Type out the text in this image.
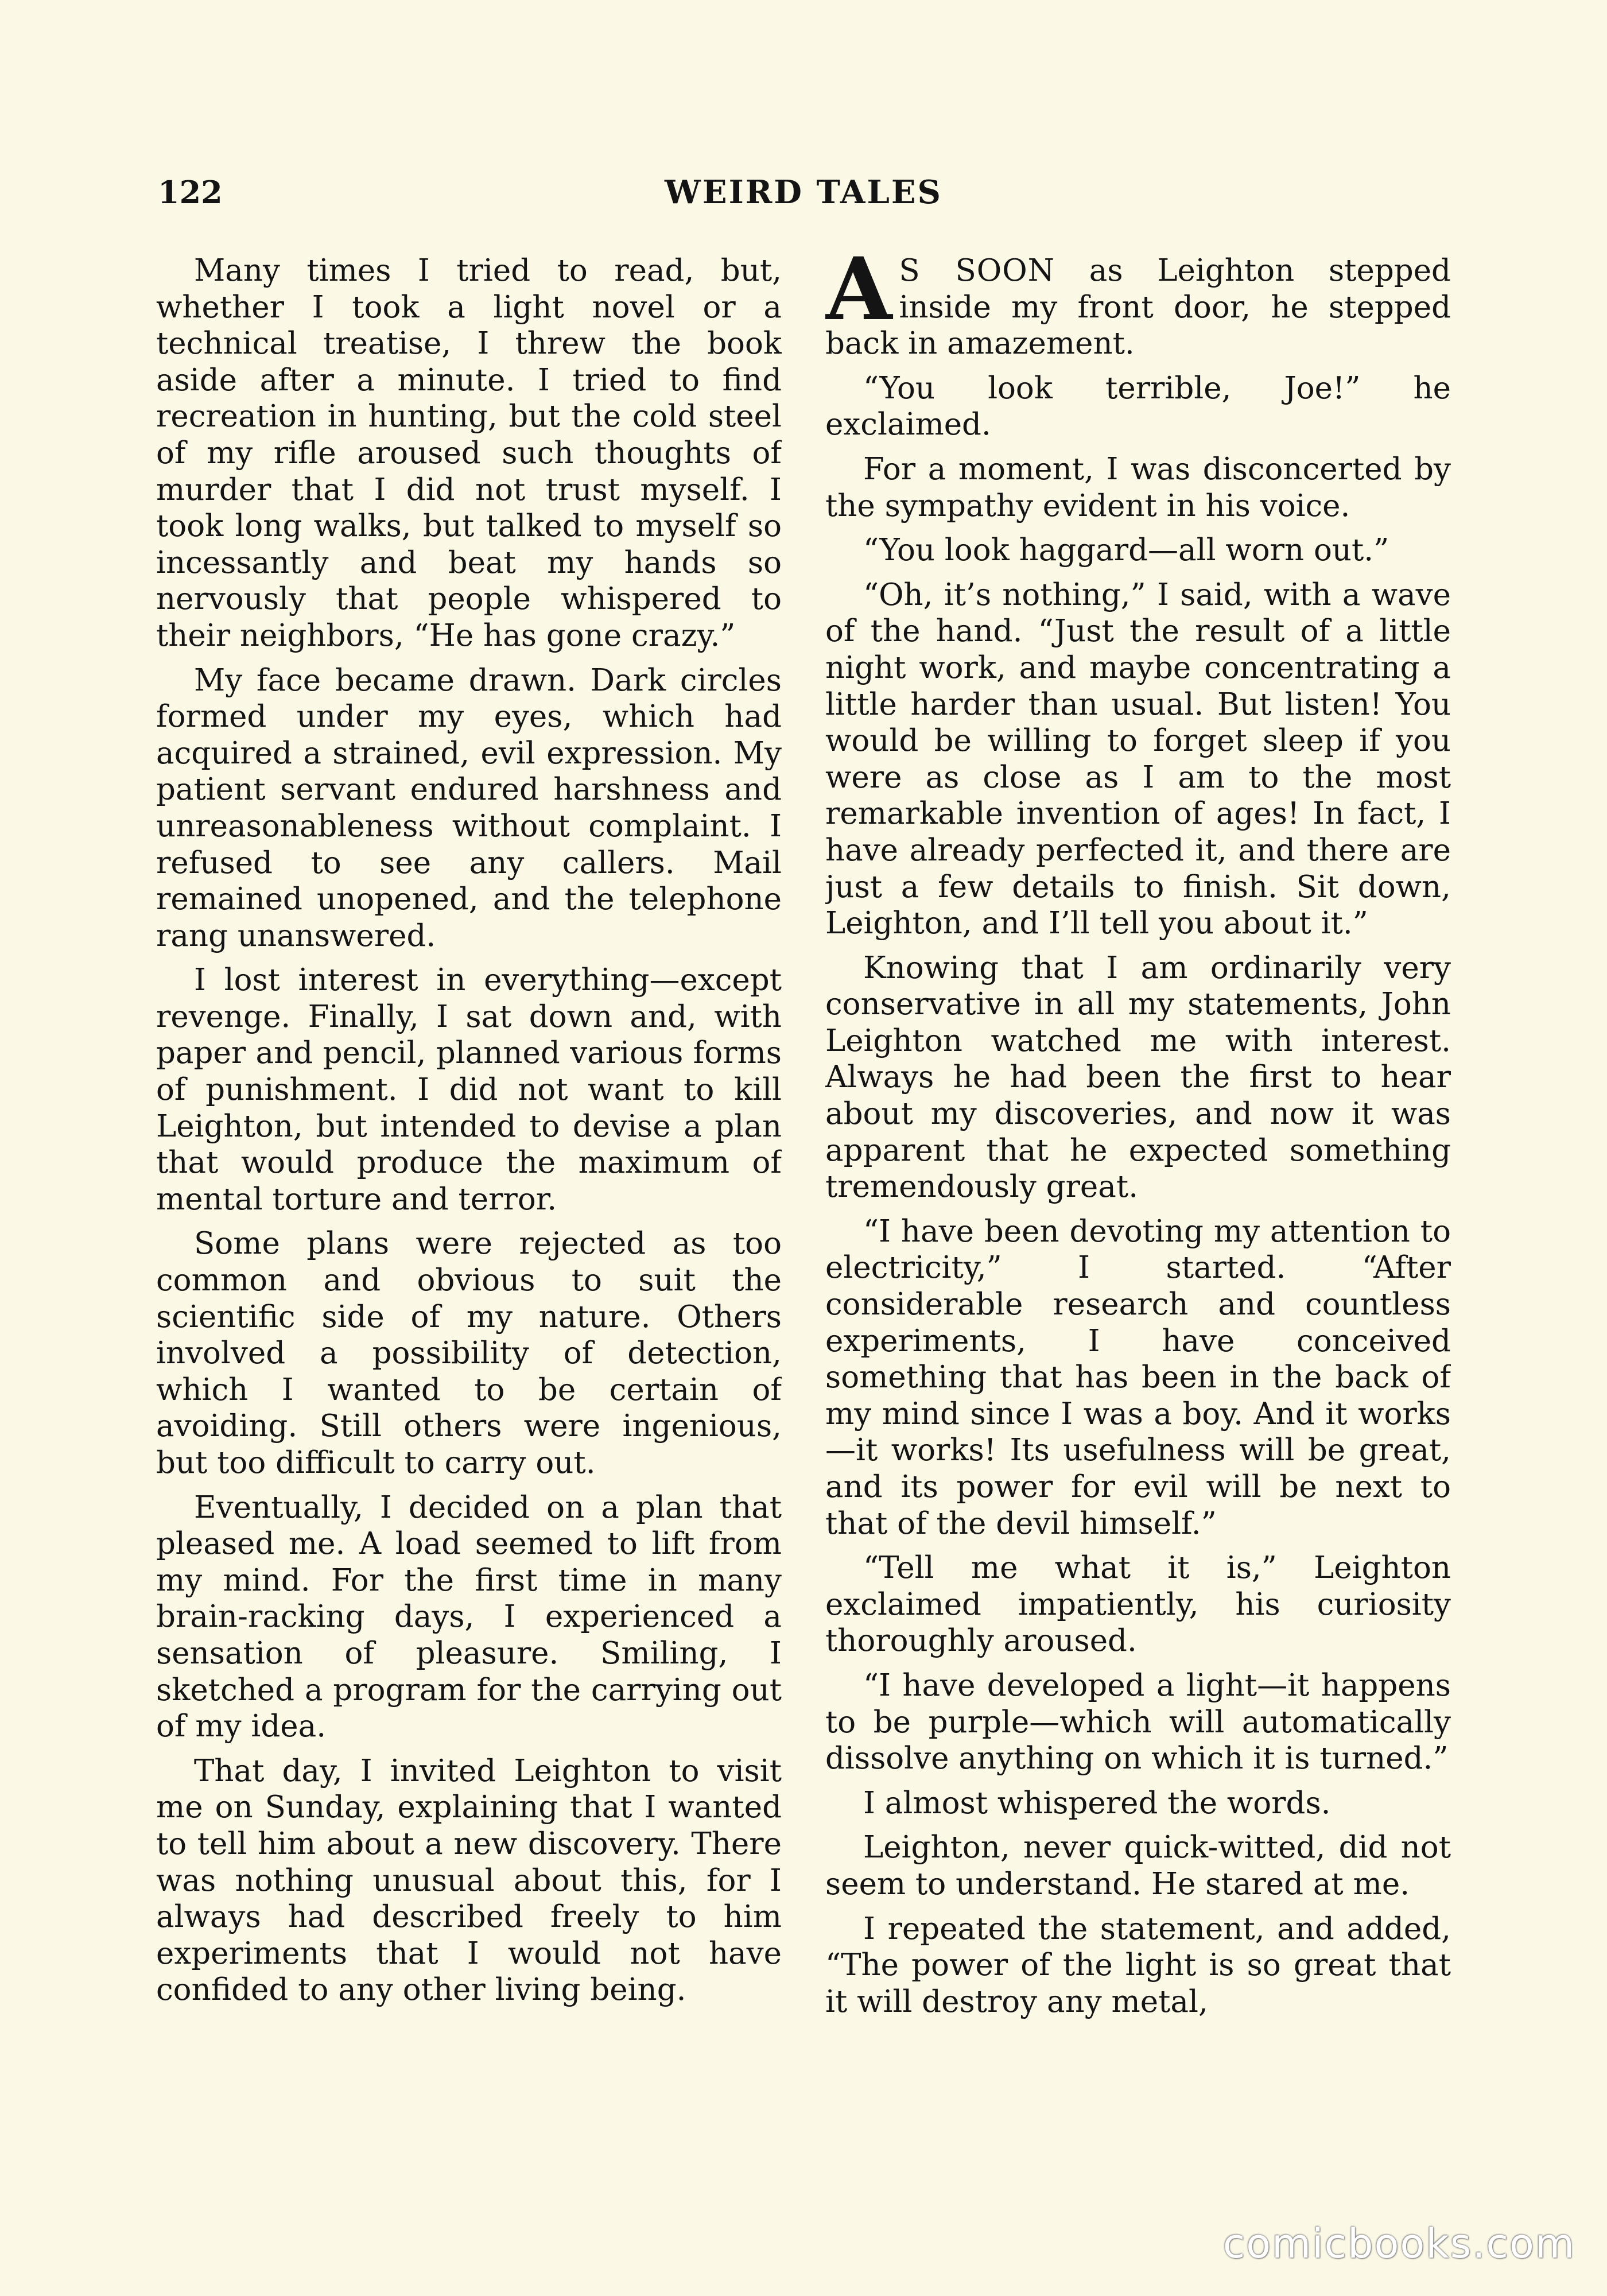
122	WEIRD TALES

Many times I tried to read, but, whether I took a light novel or a technical treatise, I threw the book aside after a minute. I tried to find recreation in hunting, but the cold steel of my rifle aroused such thoughts of murder that I did not trust myself. I took long walks, but talked to myself so incessantly and beat my hands so nervously that people whispered to their neighbors, “He has gone crazy.”

My face became drawn. Dark circles formed under my eyes, which had acquired a strained, evil expression. My patient servant endured harshness and unreasonableness without complaint. I refused to see any callers. Mail remained unopened, and the telephone rang unanswered.

I lost interest in everything—except revenge. Finally, I sat down and, with paper and pencil, planned various forms of punishment. I did not want to kill Leighton, but intended to devise a plan that would produce the maximum of mental torture and terror.

Some plans were rejected as too common and obvious to suit the scientific side of my nature. Others involved a possibility of detection, which I wanted to be certain of avoiding. Still others were ingenious, but too difficult to carry out.

Eventually, I decided on a plan that pleased me. A load seemed to lift from my mind. For the first time in many brain-racking days, I experienced a sensation of pleasure. Smiling, I sketched a program for the carrying out of my idea.

That day, I invited Leighton to visit me on Sunday, explaining that I wanted to tell him about a new discovery. There was nothing unusual about this, for I always had described freely to him experiments that I would not have confided to any other living being.

A S SOON as Leighton stepped inside my front door, he stepped back in amazement.

“You look terrible, Joe!” he exclaimed.

For a moment, I was disconcerted by the sympathy evident in his voice.

“You look haggard—all worn out.”

“Oh, it’s nothing,” I said, with a wave of the hand. “Just the result of a little night work, and maybe concentrating a little harder than usual. But listen! You would be willing to forget sleep if you were as close as I am to the most remarkable invention of ages! In fact, I have already perfected it, and there are just a few details to finish. Sit down, Leighton, and I’ll tell you about it.”

Knowing that I am ordinarily very conservative in all my statements, John Leighton watched me with interest. Always he had been the first to hear about my discoveries, and now it was apparent that he expected something tremendously great.

“I have been devoting my attention to electricity,” I started. “After considerable research and countless experiments, I have conceived something that has been in the back of my mind since I was a boy. And it works—it works! Its usefulness will be great, and its power for evil will be next to that of the devil himself.”

“Tell me what it is,” Leighton exclaimed impatiently, his curiosity thoroughly aroused.

“I have developed a light—it happens to be purple—which will automatically dissolve anything on which it is turned.”

I almost whispered the words.

Leighton, never quick-witted, did not seem to understand. He stared at me.

I repeated the statement, and added, “The power of the light is so great that it will destroy any metal,

comicbooks.com
